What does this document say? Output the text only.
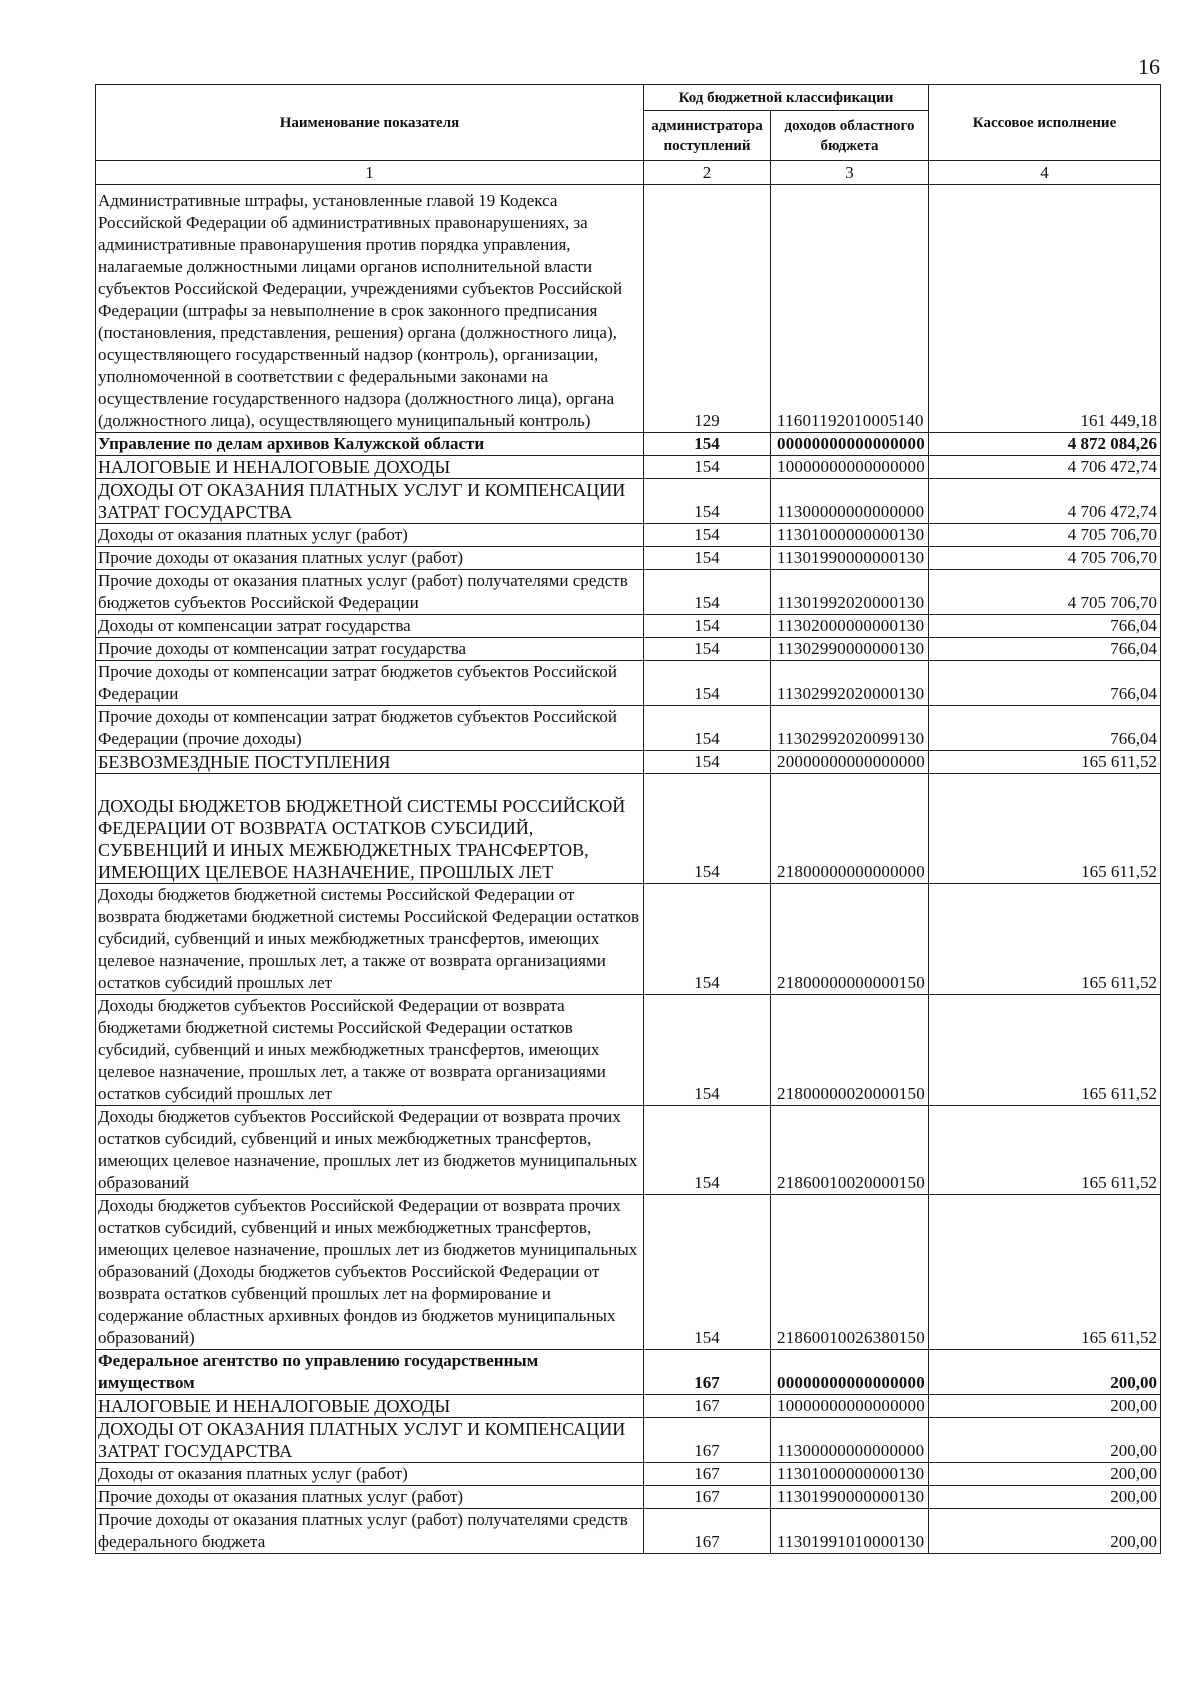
16
Наименование показателя	Код бюджетной классификации		Кассовое исполнение
	администратора поступлений	доходов областного бюджета	
1	2	3	4
Административные штрафы, установленные главой 19 Кодекса Российской Федерации об административных правонарушениях, за административные правонарушения против порядка управления, налагаемые должностными лицами органов исполнительной власти субъектов Российской Федерации, учреждениями субъектов Российской Федерации (штрафы за невыполнение в срок законного предписания (постановления, представления, решения) органа (должностного лица), осуществляющего государственный надзор (контроль), организации, уполномоченной в соответствии с федеральными законами на осуществление государственного надзора (должностного лица), органа (должностного лица), осуществляющего муниципальный контроль)	129	11601192010005140	161 449,18
Управление по делам архивов Калужской области	154	00000000000000000	4 872 084,26
НАЛОГОВЫЕ И НЕНАЛОГОВЫЕ ДОХОДЫ	154	10000000000000000	4 706 472,74
ДОХОДЫ ОТ ОКАЗАНИЯ ПЛАТНЫХ УСЛУГ И КОМПЕНСАЦИИ ЗАТРАТ ГОСУДАРСТВА	154	11300000000000000	4 706 472,74
Доходы от оказания платных услуг (работ)	154	11301000000000130	4 705 706,70
Прочие доходы от оказания платных услуг (работ)	154	11301990000000130	4 705 706,70
Прочие доходы от оказания платных услуг (работ) получателями средств бюджетов субъектов Российской Федерации	154	11301992020000130	4 705 706,70
Доходы от компенсации затрат государства	154	11302000000000130	766,04
Прочие доходы от компенсации затрат государства	154	11302990000000130	766,04
Прочие доходы от компенсации затрат бюджетов субъектов Российской Федерации	154	11302992020000130	766,04
Прочие доходы от компенсации затрат бюджетов субъектов Российской Федерации (прочие доходы)	154	11302992020099130	766,04
БЕЗВОЗМЕЗДНЫЕ ПОСТУПЛЕНИЯ	154	20000000000000000	165 611,52
ДОХОДЫ БЮДЖЕТОВ БЮДЖЕТНОЙ СИСТЕМЫ РОССИЙСКОЙ ФЕДЕРАЦИИ ОТ ВОЗВРАТА ОСТАТКОВ СУБСИДИЙ, СУБВЕНЦИЙ И ИНЫХ МЕЖБЮДЖЕТНЫХ ТРАНСФЕРТОВ, ИМЕЮЩИХ ЦЕЛЕВОЕ НАЗНАЧЕНИЕ, ПРОШЛЫХ ЛЕТ	154	21800000000000000	165 611,52
Доходы бюджетов бюджетной системы Российской Федерации от возврата бюджетами бюджетной системы Российской Федерации остатков субсидий, субвенций и иных межбюджетных трансфертов, имеющих целевое назначение, прошлых лет, а также от возврата организациями остатков субсидий прошлых лет	154	21800000000000150	165 611,52
Доходы бюджетов субъектов Российской Федерации от возврата бюджетами бюджетной системы Российской Федерации остатков субсидий, субвенций и иных межбюджетных трансфертов, имеющих целевое назначение, прошлых лет, а также от возврата организациями остатков субсидий прошлых лет	154	21800000020000150	165 611,52
Доходы бюджетов субъектов Российской Федерации от возврата прочих остатков субсидий, субвенций и иных межбюджетных трансфертов, имеющих целевое назначение, прошлых лет из бюджетов муниципальных образований	154	21860010020000150	165 611,52
Доходы бюджетов субъектов Российской Федерации от возврата прочих остатков субсидий, субвенций и иных межбюджетных трансфертов, имеющих целевое назначение, прошлых лет из бюджетов муниципальных образований (Доходы бюджетов субъектов Российской Федерации от возврата остатков субвенций прошлых лет на формирование и содержание областных архивных фондов из бюджетов муниципальных образований)	154	21860010026380150	165 611,52
Федеральное агентство по управлению государственным имуществом	167	00000000000000000	200,00
НАЛОГОВЫЕ И НЕНАЛОГОВЫЕ ДОХОДЫ	167	10000000000000000	200,00
ДОХОДЫ ОТ ОКАЗАНИЯ ПЛАТНЫХ УСЛУГ И КОМПЕНСАЦИИ ЗАТРАТ ГОСУДАРСТВА	167	11300000000000000	200,00
Доходы от оказания платных услуг (работ)	167	11301000000000130	200,00
Прочие доходы от оказания платных услуг (работ)	167	11301990000000130	200,00
Прочие доходы от оказания платных услуг (работ) получателями средств федерального бюджета	167	11301991010000130	200,00
